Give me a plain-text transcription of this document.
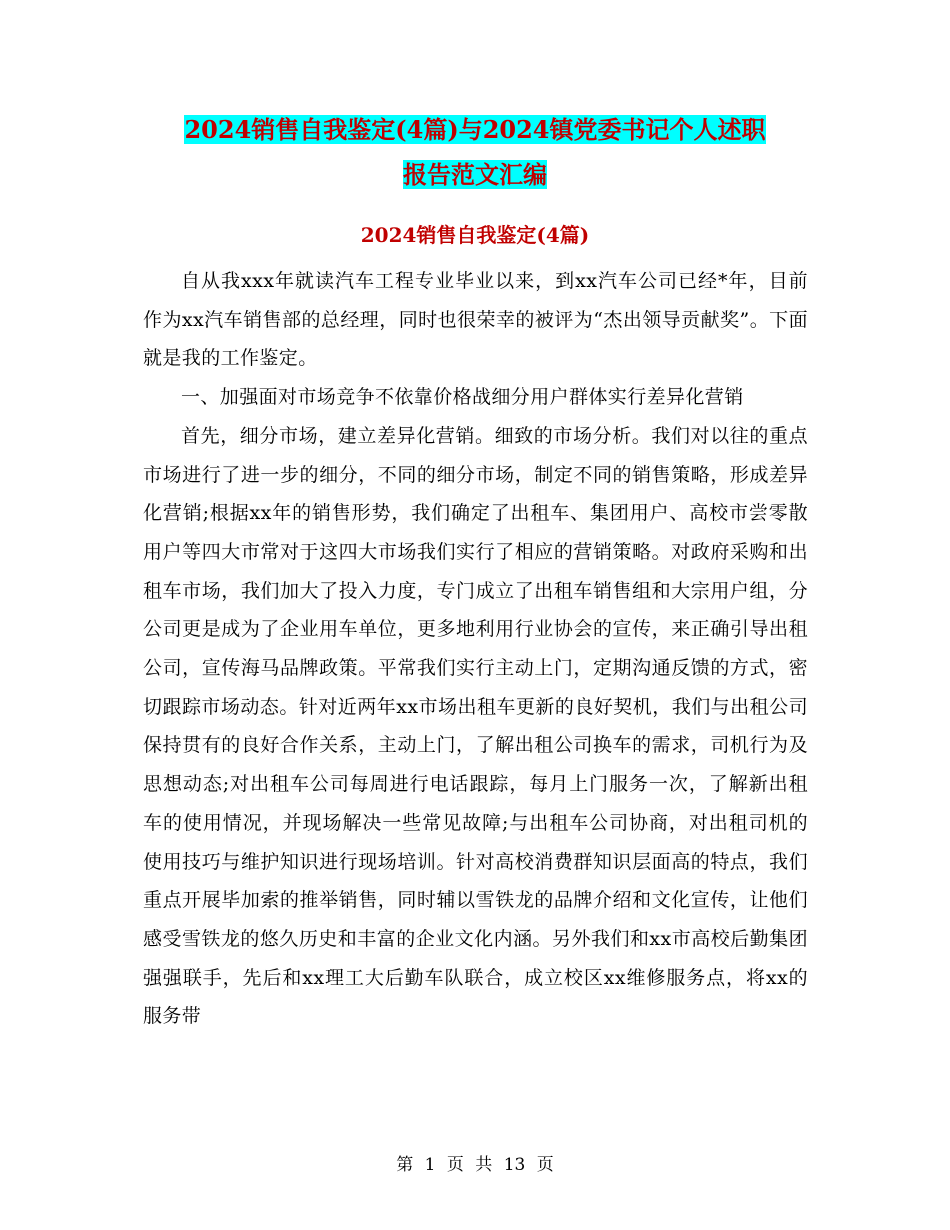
2024销售自我鉴定(4篇)与2024镇党委书记个人述职
报告范文汇编
2024销售自我鉴定(4篇)

自从我xxx年就读汽车工程专业毕业以来，到xx汽车公司已经*年，目前作为xx汽车销售部的总经理，同时也很荣幸的被评为“杰出领导贡献奖”。下面就是我的工作鉴定。

一、加强面对市场竞争不依靠价格战细分用户群体实行差异化营销

首先，细分市场，建立差异化营销。细致的市场分析。我们对以往的重点市场进行了进一步的细分，不同的细分市场，制定不同的销售策略，形成差异化营销;根据xx年的销售形势，我们确定了出租车、集团用户、高校市尝零散用户等四大市常对于这四大市场我们实行了相应的营销策略。对政府采购和出租车市场，我们加大了投入力度，专门成立了出租车销售组和大宗用户组，分公司更是成为了企业用车单位，更多地利用行业协会的宣传，来正确引导出租公司，宣传海马品牌政策。平常我们实行主动上门，定期沟通反馈的方式，密切跟踪市场动态。针对近两年xx市场出租车更新的良好契机，我们与出租公司保持贯有的良好合作关系，主动上门，了解出租公司换车的需求，司机行为及思想动态;对出租车公司每周进行电话跟踪，每月上门服务一次，了解新出租车的使用情况，并现场解决一些常见故障;与出租车公司协商，对出租司机的使用技巧与维护知识进行现场培训。针对高校消费群知识层面高的特点，我们重点开展毕加索的推举销售，同时辅以雪铁龙的品牌介绍和文化宣传，让他们感受雪铁龙的悠久历史和丰富的企业文化内涵。另外我们和xx市高校后勤集团强强联手，先后和xx理工大后勤车队联合，成立校区xx维修服务点，将xx的服务带

第 1 页 共 13 页
